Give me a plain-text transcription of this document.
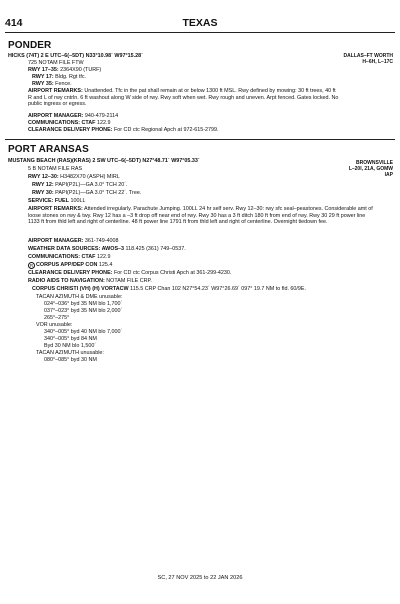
414	TEXAS
PONDER
HICKS (74T) 2 E UTC–6(–5DT) N33°10.98´ W97°15.28´	DALLAS–FT WORTH
H–6H, L–17C
725 NOTAM FILE FTW
RWY 17–35: 2364X90 (TURF)
RWY 17: Bldg. Rgt tfc.
RWY 35: Fence.
AIRPORT REMARKS: Unattended. Tfc in the pat shall remain at or below 1300 ft MSL. Rwy defined by mowing: 30 ft trees, 40 ft R and L of rwy cntrln. 6 ft washout along W side of rwy. Rwy soft when wet. Rwy rough and uneven. Arpt fenced. Gates locked. No public ingress or egress.
AIRPORT MANAGER: 940-479-2114
COMMUNICATIONS: CTAF 122.9
CLEARANCE DELIVERY PHONE: For CD ctc Regional Apch at 972-615-2799.
PORT ARANSAS
MUSTANG BEACH (RAS)(KRAS) 2 SW UTC–6(–5DT) N27°48.71´ W97°05.33´	BROWNSVILLE
L–20I, 21A, GOMW
IAP
5 B NOTAM FILE RAS
RWY 12–30: H3482X70 (ASPH) MIRL
RWY 12: PAPI(P2L)—GA 3.0° TCH 20´.
RWY 30: PAPI(P2L)—GA 3.0° TCH 22´. Tree.
SERVICE: FUEL 100LL
AIRPORT REMARKS: Attended irregularly. Parachute Jumping. 100LL 24 hr self serv. Rwy 12–30: rwy sfc seal–peastones. Considerable amt of loose stones on rwy & twy. Rwy 12 has a –3 ft drop off near end of rwy. Rwy 30 has a 3 ft ditch 180 ft from end of rwy. Rwy 30 29 ft power line 1133 ft from thld left and right of centerline. 48 ft power line 1791 ft from thld left and right of centerline. Overnight tiedown fee.
AIRPORT MANAGER: 361-749-4008
WEATHER DATA SOURCES: AWOS–3 118.425 (361) 749–0537.
COMMUNICATIONS: CTAF 122.9
R CORPUS APP/DEP CON 125.4
CLEARANCE DELIVERY PHONE: For CD ctc Corpus Christi Apch at 361-299-4230.
RADIO AIDS TO NAVIGATION: NOTAM FILE CRP.
CORPUS CHRISTI (VH) (H) VORTACW 115.5 CRP Chan 102 N27°54.23´ W97°26.69´ 097° 19.7 NM to fld. 60/9E.
TACAN AZIMUTH & DME unusable:
024°–036° byd 35 NM blo 1,700´
037°–023° byd 35 NM blo 2,000´
265°–275°
VOR unusable:
340°–005° byd 40 NM blo 7,000´
340°–005° byd 84 NM
Byd 30 NM blo 1,500´
TACAN AZIMUTH unusable:
080°–085° byd 30 NM
SC, 27 NOV 2025 to 22 JAN 2026
